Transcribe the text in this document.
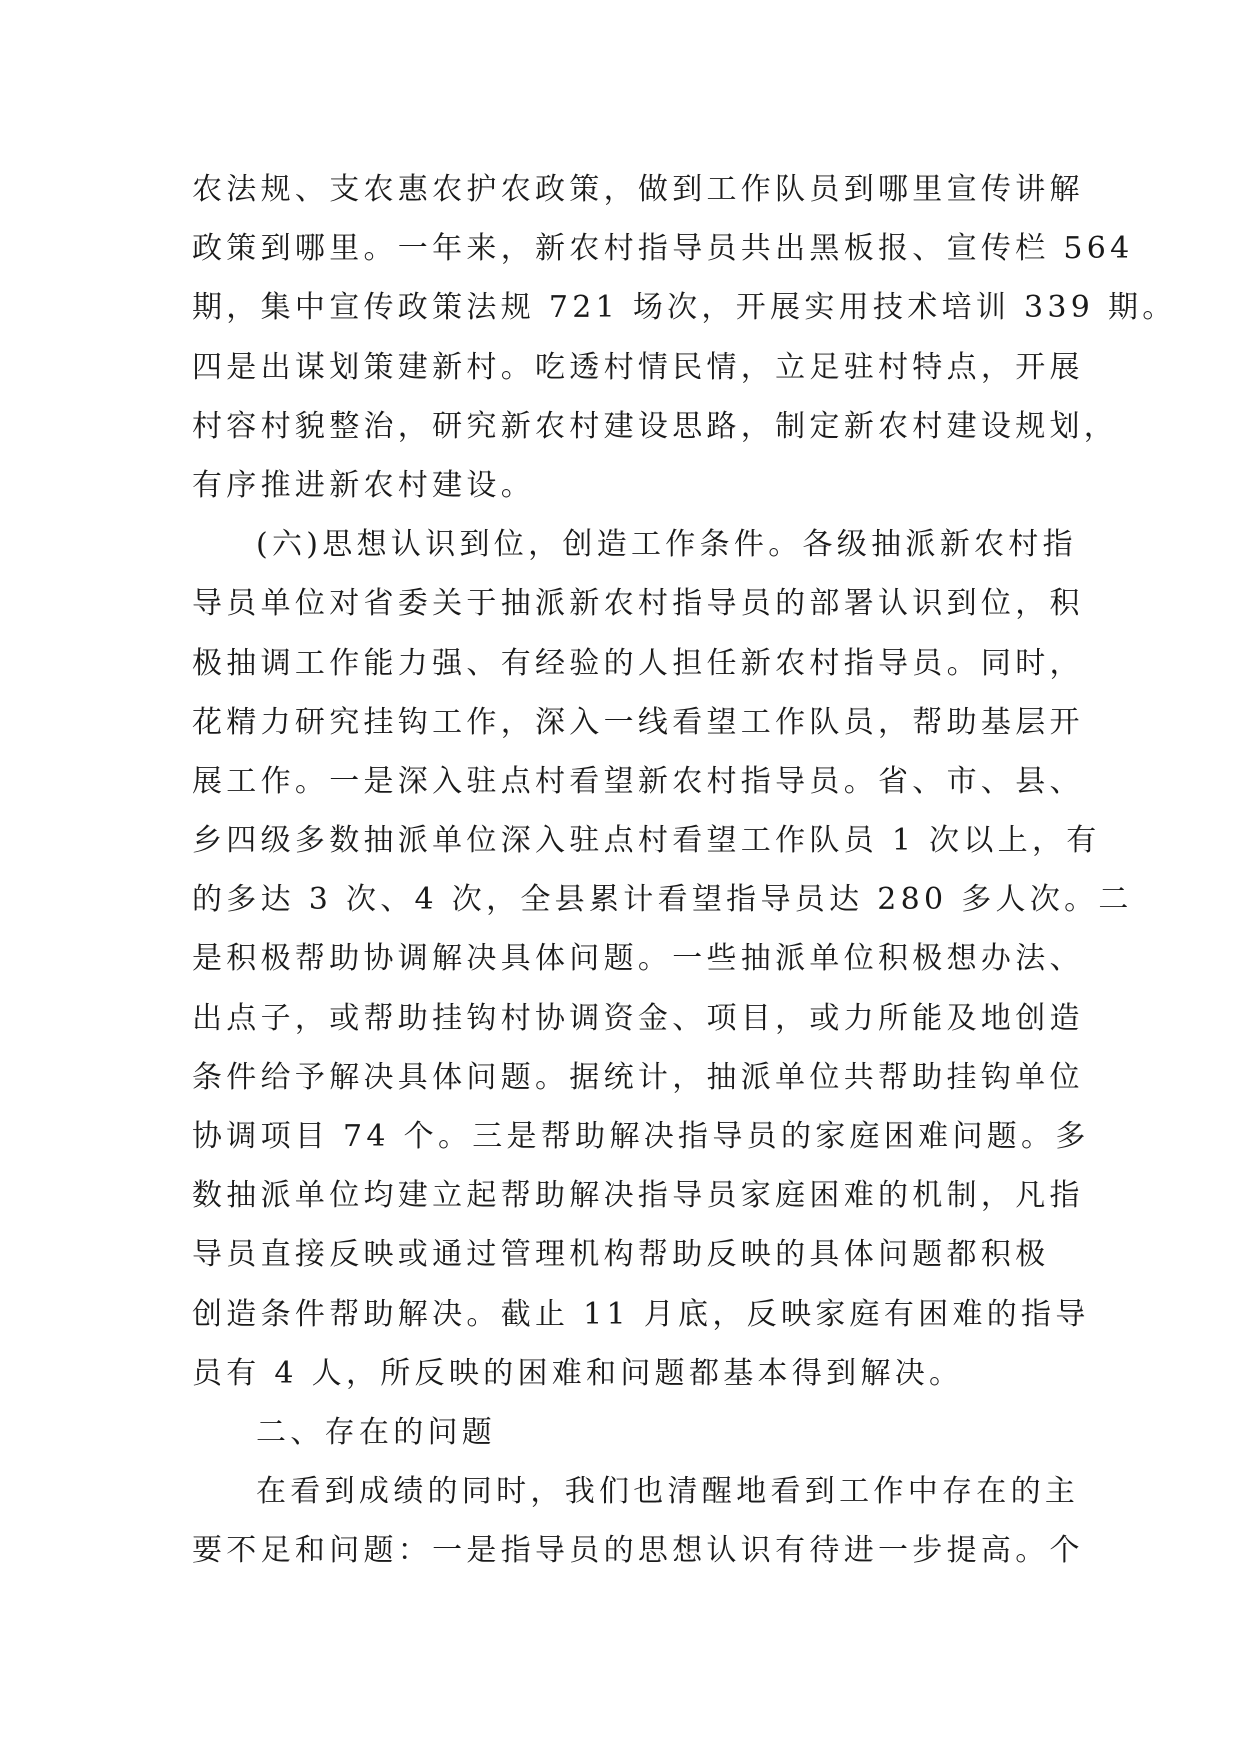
农法规、支农惠农护农政策，做到工作队员到哪里宣传讲解
政策到哪里。一年来，新农村指导员共出黑板报、宣传栏 564
期，集中宣传政策法规 721 场次，开展实用技术培训 339 期。
四是出谋划策建新村。吃透村情民情，立足驻村特点，开展
村容村貌整治，研究新农村建设思路，制定新农村建设规划，
有序推进新农村建设。
(六)思想认识到位，创造工作条件。各级抽派新农村指
导员单位对省委关于抽派新农村指导员的部署认识到位，积
极抽调工作能力强、有经验的人担任新农村指导员。同时，
花精力研究挂钩工作，深入一线看望工作队员，帮助基层开
展工作。一是深入驻点村看望新农村指导员。省、市、县、
乡四级多数抽派单位深入驻点村看望工作队员 1 次以上，有
的多达 3 次、4 次，全县累计看望指导员达 280 多人次。二
是积极帮助协调解决具体问题。一些抽派单位积极想办法、
出点子，或帮助挂钩村协调资金、项目，或力所能及地创造
条件给予解决具体问题。据统计，抽派单位共帮助挂钩单位
协调项目 74 个。三是帮助解决指导员的家庭困难问题。多
数抽派单位均建立起帮助解决指导员家庭困难的机制，凡指
导员直接反映或通过管理机构帮助反映的具体问题都积极
创造条件帮助解决。截止 11 月底，反映家庭有困难的指导
员有 4 人，所反映的困难和问题都基本得到解决。
二、存在的问题
在看到成绩的同时，我们也清醒地看到工作中存在的主
要不足和问题：一是指导员的思想认识有待进一步提高。个
